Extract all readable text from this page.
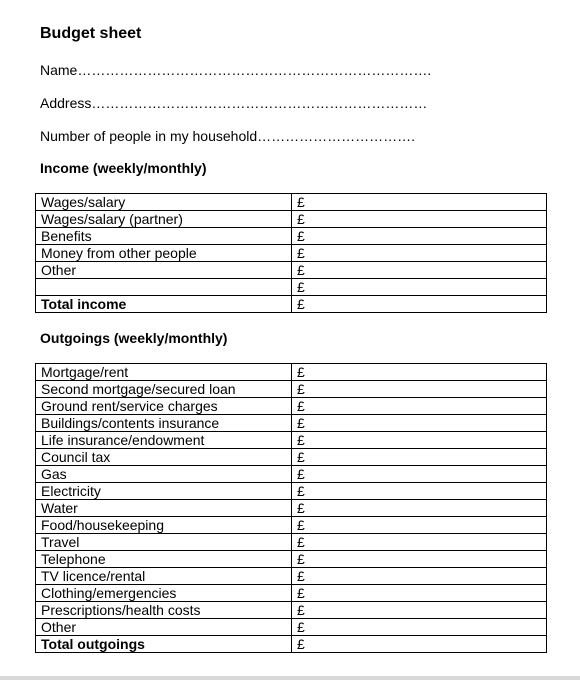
Budget sheet
Name………………………………………………………………….
Address………………………………………………………………
Number of people in my household…………………………….
Income (weekly/monthly)
Wages/salary	£
Wages/salary (partner)	£
Benefits	£
Money from other people	£
Other	£
	£
Total income	£
Outgoings (weekly/monthly)
Mortgage/rent	£
Second mortgage/secured loan	£
Ground rent/service charges	£
Buildings/contents insurance	£
Life insurance/endowment	£
Council tax	£
Gas	£
Electricity	£
Water	£
Food/housekeeping	£
Travel	£
Telephone	£
TV licence/rental	£
Clothing/emergencies	£
Prescriptions/health costs	£
Other	£
Total outgoings	£
